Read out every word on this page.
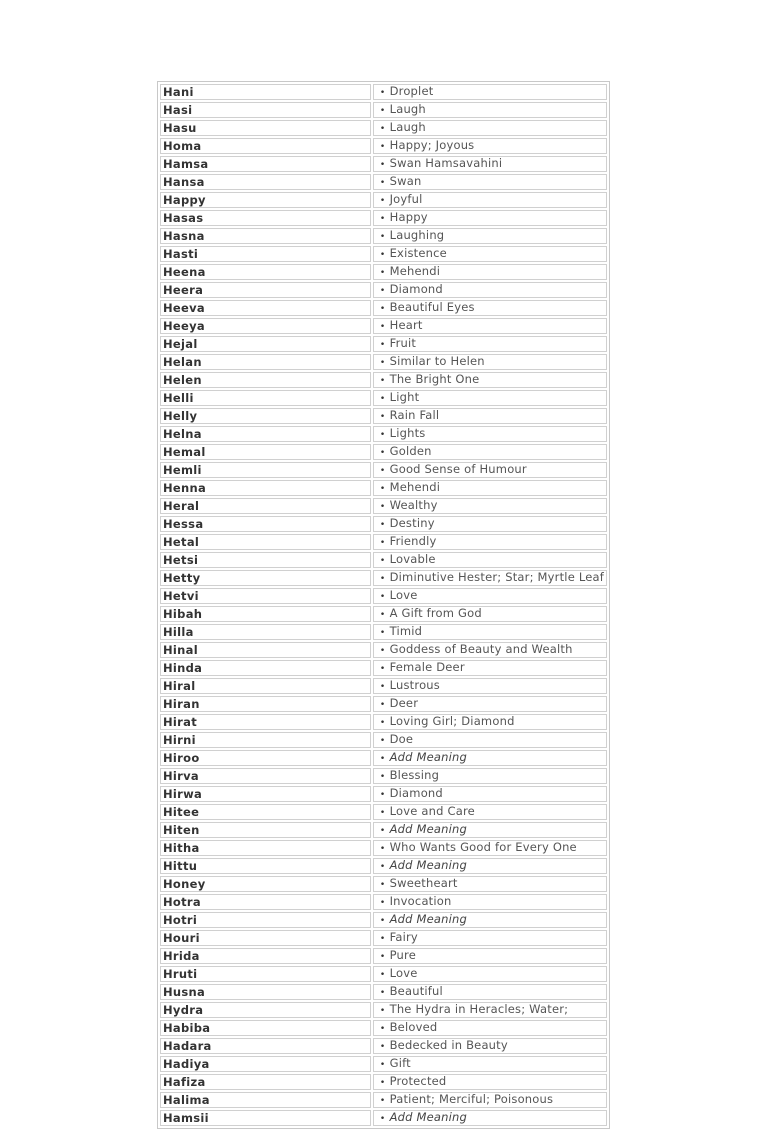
Hani	• Droplet
Hasi	• Laugh
Hasu	• Laugh
Homa	• Happy; Joyous
Hamsa	• Swan Hamsavahini
Hansa	• Swan
Happy	• Joyful
Hasas	• Happy
Hasna	• Laughing
Hasti	• Existence
Heena	• Mehendi
Heera	• Diamond
Heeva	• Beautiful Eyes
Heeya	• Heart
Hejal	• Fruit
Helan	• Similar to Helen
Helen	• The Bright One
Helli	• Light
Helly	• Rain Fall
Helna	• Lights
Hemal	• Golden
Hemli	• Good Sense of Humour
Henna	• Mehendi
Heral	• Wealthy
Hessa	• Destiny
Hetal	• Friendly
Hetsi	• Lovable
Hetty	• Diminutive Hester; Star; Myrtle Leaf
Hetvi	• Love
Hibah	• A Gift from God
Hilla	• Timid
Hinal	• Goddess of Beauty and Wealth
Hinda	• Female Deer
Hiral	• Lustrous
Hiran	• Deer
Hirat	• Loving Girl; Diamond
Hirni	• Doe
Hiroo	• Add Meaning
Hirva	• Blessing
Hirwa	• Diamond
Hitee	• Love and Care
Hiten	• Add Meaning
Hitha	• Who Wants Good for Every One
Hittu	• Add Meaning
Honey	• Sweetheart
Hotra	• Invocation
Hotri	• Add Meaning
Houri	• Fairy
Hrida	• Pure
Hruti	• Love
Husna	• Beautiful
Hydra	• The Hydra in Heracles; Water;
Habiba	• Beloved
Hadara	• Bedecked in Beauty
Hadiya	• Gift
Hafiza	• Protected
Halima	• Patient; Merciful; Poisonous
Hamsii	• Add Meaning
